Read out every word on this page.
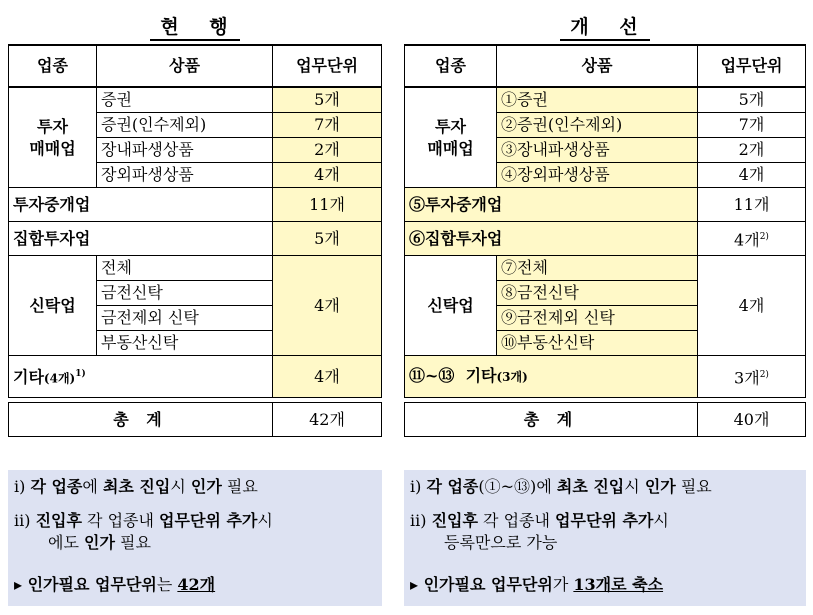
현 행
업종	상품	업무단위
투자
매매업	증권	5개
	증권(인수제외)	7개
	장내파생상품	2개
	장외파생상품	4개
투자중개업		11개
집합투자업		5개
신탁업	전체	4개
	금전신탁	
	금전제외 신탁	
	부동산신탁	
기타(4개)$^{1)}$		4개

총 계		42개
ⅰ) 각 업종에 최초 진입시 인가 필요
ⅱ) 진입후 각 업종내 업무단위 추가시
에도 인가 필요
▸ 인가필요 업무단위는 42개
개 선
업종	상품	업무단위
투자
매매업	①증권	5개
	②증권(인수제외)	7개
	③장내파생상품	2개
	④장외파생상품	4개
⑤투자중개업		11개
⑥집합투자업		4개$^{2)}$
신탁업	⑦전체	4개
	⑧금전신탁	
	⑨금전제외 신탁	
	⑩부동산신탁	
⑪~⑬ 기타(3개)		3개$^{2)}$

총 계		40개
ⅰ) 각 업종(①~⑬)에 최초 진입시 인가 필요
ⅱ) 진입후 각 업종내 업무단위 추가시
등록만으로 가능
▸ 인가필요 업무단위가 13개로 축소
